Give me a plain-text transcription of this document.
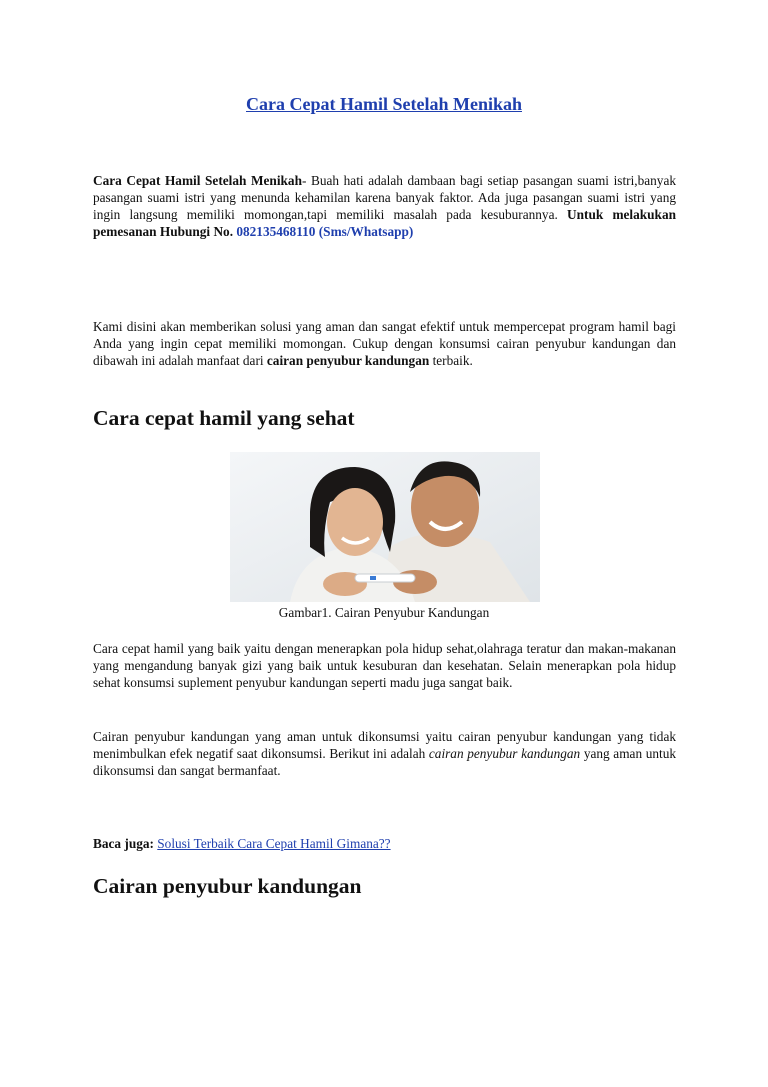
Cara Cepat Hamil Setelah Menikah

Cara Cepat Hamil Setelah Menikah- Buah hati adalah dambaan bagi setiap pasangan suami istri,banyak pasangan suami istri yang menunda kehamilan karena banyak faktor. Ada juga pasangan suami istri yang ingin langsung memiliki momongan,tapi memiliki masalah pada kesuburannya. Untuk melakukan pemesanan Hubungi No. 082135468110 (Sms/Whatsapp)

Kami disini akan memberikan solusi yang aman dan sangat efektif untuk mempercepat program hamil bagi Anda yang ingin cepat memiliki momongan. Cukup dengan konsumsi cairan penyubur kandungan dan dibawah ini adalah manfaat dari cairan penyubur kandungan terbaik.

Cara cepat hamil yang sehat

Gambar1. Cairan Penyubur Kandungan

Cara cepat hamil yang baik yaitu dengan menerapkan pola hidup sehat,olahraga teratur dan makan-makanan yang mengandung banyak gizi yang baik untuk kesuburan dan kesehatan. Selain menerapkan pola hidup sehat konsumsi suplement penyubur kandungan seperti madu juga sangat baik.

Cairan penyubur kandungan yang aman untuk dikonsumsi yaitu cairan penyubur kandungan yang tidak menimbulkan efek negatif saat dikonsumsi. Berikut ini adalah cairan penyubur kandungan yang aman untuk dikonsumsi dan sangat bermanfaat.

Baca juga: Solusi Terbaik Cara Cepat Hamil Gimana??

Cairan penyubur kandungan
